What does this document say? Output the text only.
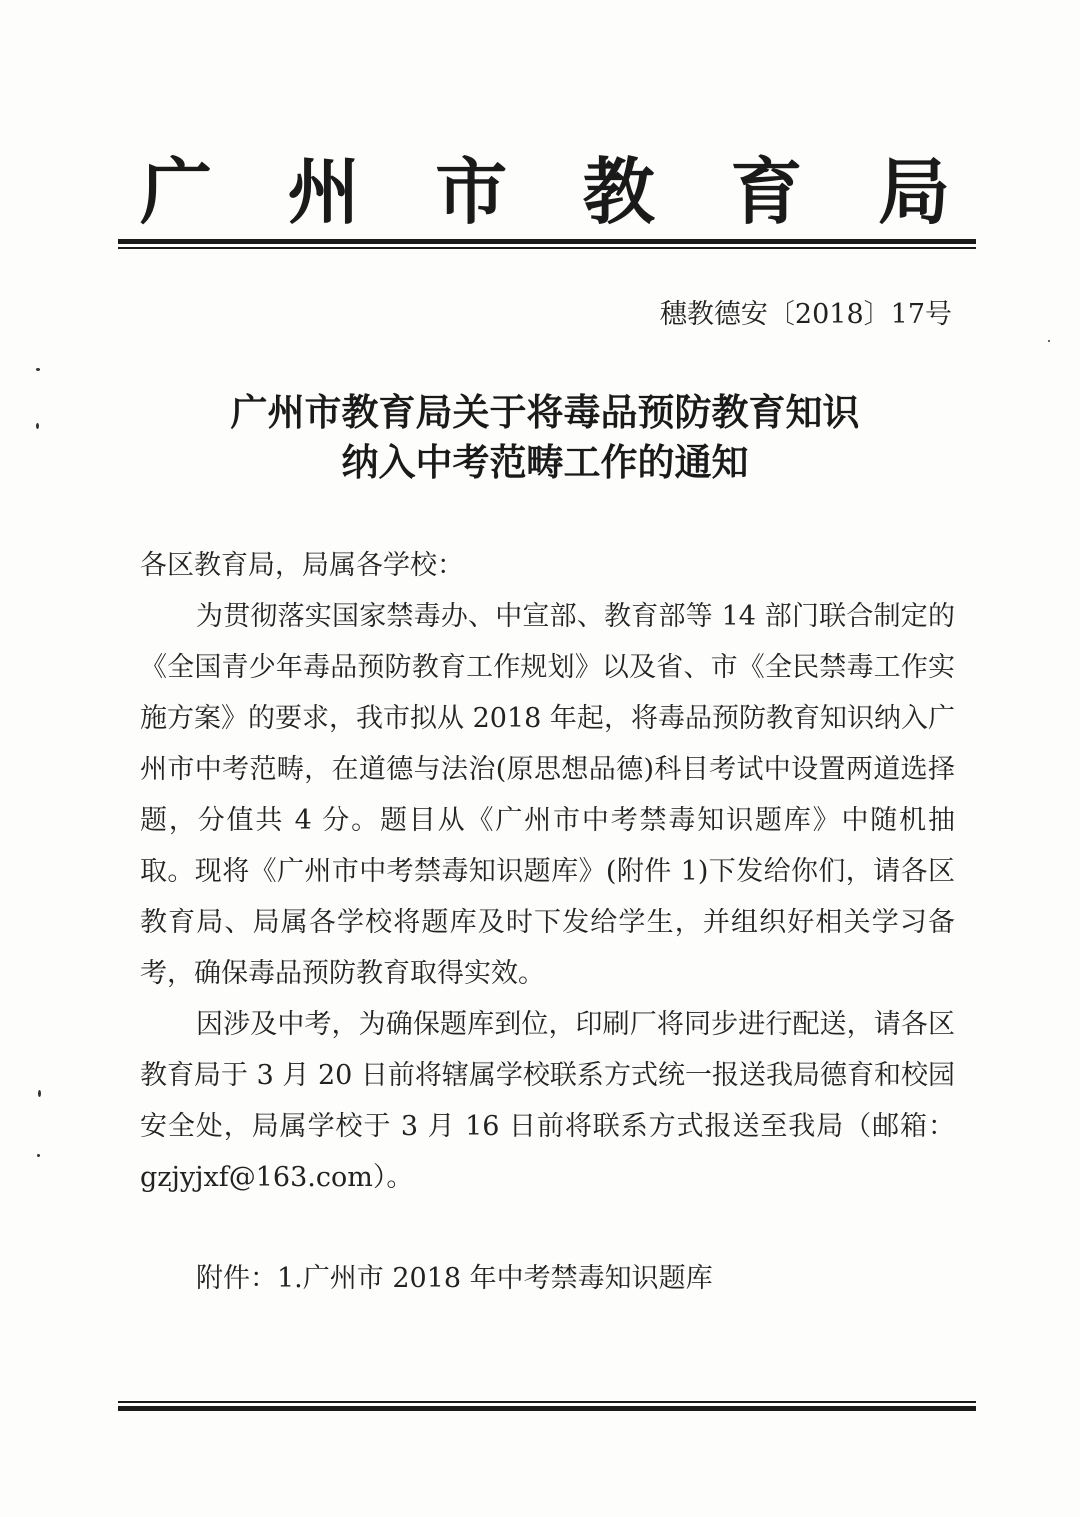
广 州 市 教 育 局
穗教德安〔2018〕17号
广州市教育局关于将毒品预防教育知识
纳入中考范畴工作的通知

各区教育局，局属各学校：

为贯彻落实国家禁毒办、中宣部、教育部等 14 部门联合制定的《全国青少年毒品预防教育工作规划》以及省、市《全民禁毒工作实施方案》的要求，我市拟从 2018 年起，将毒品预防教育知识纳入广州市中考范畴，在道德与法治(原思想品德)科目考试中设置两道选择题，分值共 4 分。题目从《广州市中考禁毒知识题库》中随机抽取。现将《广州市中考禁毒知识题库》(附件 1)下发给你们，请各区教育局、局属各学校将题库及时下发给学生，并组织好相关学习备考，确保毒品预防教育取得实效。

因涉及中考，为确保题库到位，印刷厂将同步进行配送，请各区教育局于 3 月 20 日前将辖属学校联系方式统一报送我局德育和校园安全处，局属学校于 3 月 16 日前将联系方式报送至我局（邮箱：gzjyjxf@163.com）。

附件：1.广州市 2018 年中考禁毒知识题库
